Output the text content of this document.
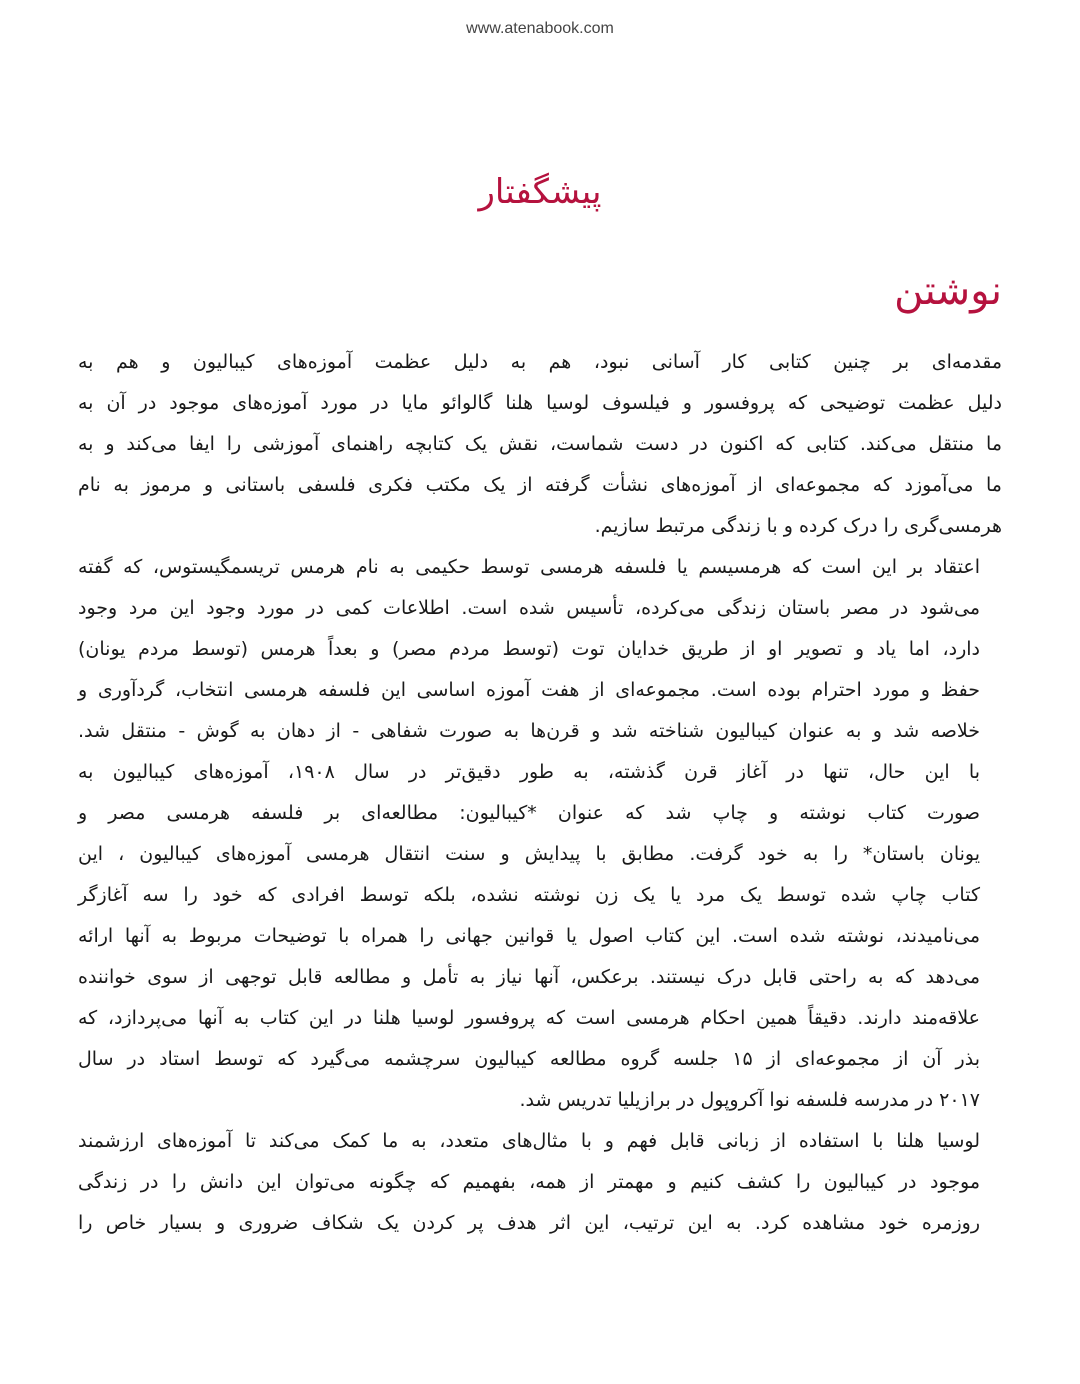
www.atenabook.com
پیشگفتار
نوشتن

مقدمه‌ای بر چنین کتابی کار آسانی نبود، هم به دلیل عظمت آموزه‌های کیبالیون و هم به
دلیل عظمت توضیحی که پروفسور و فیلسوف لوسیا هلنا گالوائو مایا در مورد آموزه‌های موجود در آن به
ما منتقل می‌کند. کتابی که اکنون در دست شماست، نقش یک کتابچه راهنمای آموزشی را ایفا می‌کند و به
ما می‌آموزد که مجموعه‌ای از آموزه‌های نشأت گرفته از یک مکتب فکری فلسفی باستانی و مرموز به نام
هرمسی‌گری را درک کرده و با زندگی مرتبط سازیم.

اعتقاد بر این است که هرمسیسم یا فلسفه هرمسی توسط حکیمی به نام هرمس تریسمگیستوس، که گفته
می‌شود در مصر باستان زندگی می‌کرده، تأسیس شده است. اطلاعات کمی در مورد وجود این مرد وجود
دارد، اما یاد و تصویر او از طریق خدایان توت (توسط مردم مصر) و بعداً هرمس (توسط مردم یونان)
حفظ و مورد احترام بوده است. مجموعه‌ای از هفت آموزه اساسی این فلسفه هرمسی انتخاب، گردآوری و
خلاصه شد و به عنوان کیبالیون شناخته شد و قرن‌ها به صورت شفاهی - از دهان به گوش - منتقل شد.

با این حال، تنها در آغاز قرن گذشته، به طور دقیق‌تر در سال ۱۹۰۸، آموزه‌های کیبالیون به
صورت کتاب نوشته و چاپ شد که عنوان *کیبالیون: مطالعه‌ای بر فلسفه هرمسی مصر و
یونان باستان* را به خود گرفت. مطابق با پیدایش و سنت انتقال هرمسی آموزه‌های کیبالیون ، این
کتاب چاپ شده توسط یک مرد یا یک زن نوشته نشده، بلکه توسط افرادی که خود را سه آغازگر
می‌نامیدند، نوشته شده است. این کتاب اصول یا قوانین جهانی را همراه با توضیحات مربوط به آنها ارائه
می‌دهد که به راحتی قابل درک نیستند. برعکس، آنها نیاز به تأمل و مطالعه قابل توجهی از سوی خواننده
علاقه‌مند دارند. دقیقاً همین احکام هرمسی است که پروفسور لوسیا هلنا در این کتاب به آنها می‌پردازد، که
بذر آن از مجموعه‌ای از ۱۵ جلسه گروه مطالعه کیبالیون سرچشمه می‌گیرد که توسط استاد در سال
۲۰۱۷ در مدرسه فلسفه نوا آکروپول در برازیلیا تدریس شد.

لوسیا هلنا با استفاده از زبانی قابل فهم و با مثال‌های متعدد، به ما کمک می‌کند تا آموزه‌های ارزشمند
موجود در کیبالیون را کشف کنیم و مهمتر از همه، بفهمیم که چگونه می‌توان این دانش را در زندگی
روزمره خود مشاهده کرد. به این ترتیب، این اثر هدف پر کردن یک شکاف ضروری و بسیار خاص را
